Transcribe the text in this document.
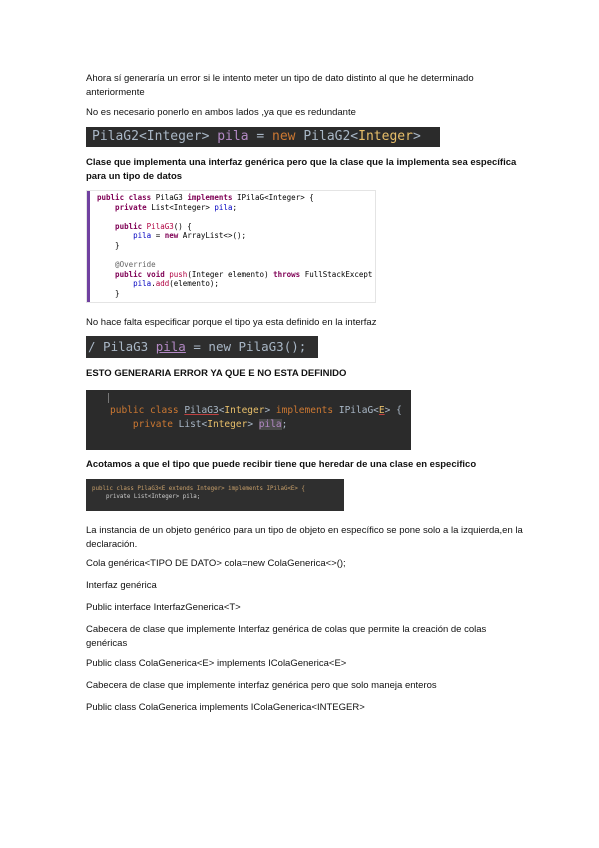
Ahora sí generaría un error si le intento meter un tipo de dato distinto al que he determinado anteriormente
No es necesario ponerlo en ambos lados ,ya que es redundante
PilaG2<Integer> pila = new PilaG2<Integer>
Clase que implementa una interfaz genérica pero que la clase que la implementa sea específica para un tipo de datos
public class PilaG3 implements IPilaG<Integer> {
private List<Integer> pila;

public PilaG3() {
pila = new ArrayList<>();
}

@Override
public void push(Integer elemento) throws FullStackExcept
pila.add(elemento);
}
No hace falta especificar porque el tipo ya esta definido en la interfaz
/ PilaG3 pila = new PilaG3();
ESTO GENERARIA ERROR YA QUE E NO ESTA DEFINIDO
public class PilaG3<Integer> implements IPilaG<E> {
private List<Integer> pila;
Acotamos a que el tipo que puede recibir tiene que heredar de una clase en especifico
public class PilaG3<E extends Integer> implements IPilaG<E> {
private List<Integer> pila;
La instancia de un objeto genérico para un tipo de objeto en específico se pone solo a la izquierda,en la declaración.
Cola genérica<TIPO DE DATO> cola=new ColaGenerica<>();
Interfaz genérica
Public interface InterfazGenerica<T>
Cabecera de clase que implemente Interfaz genérica de colas que permite la creación de colas genéricas
Public class ColaGenerica<E> implements IColaGenerica<E>
Cabecera de clase que implemente interfaz genérica pero que solo maneja enteros
Public class ColaGenerica implements IColaGenerica<INTEGER>
